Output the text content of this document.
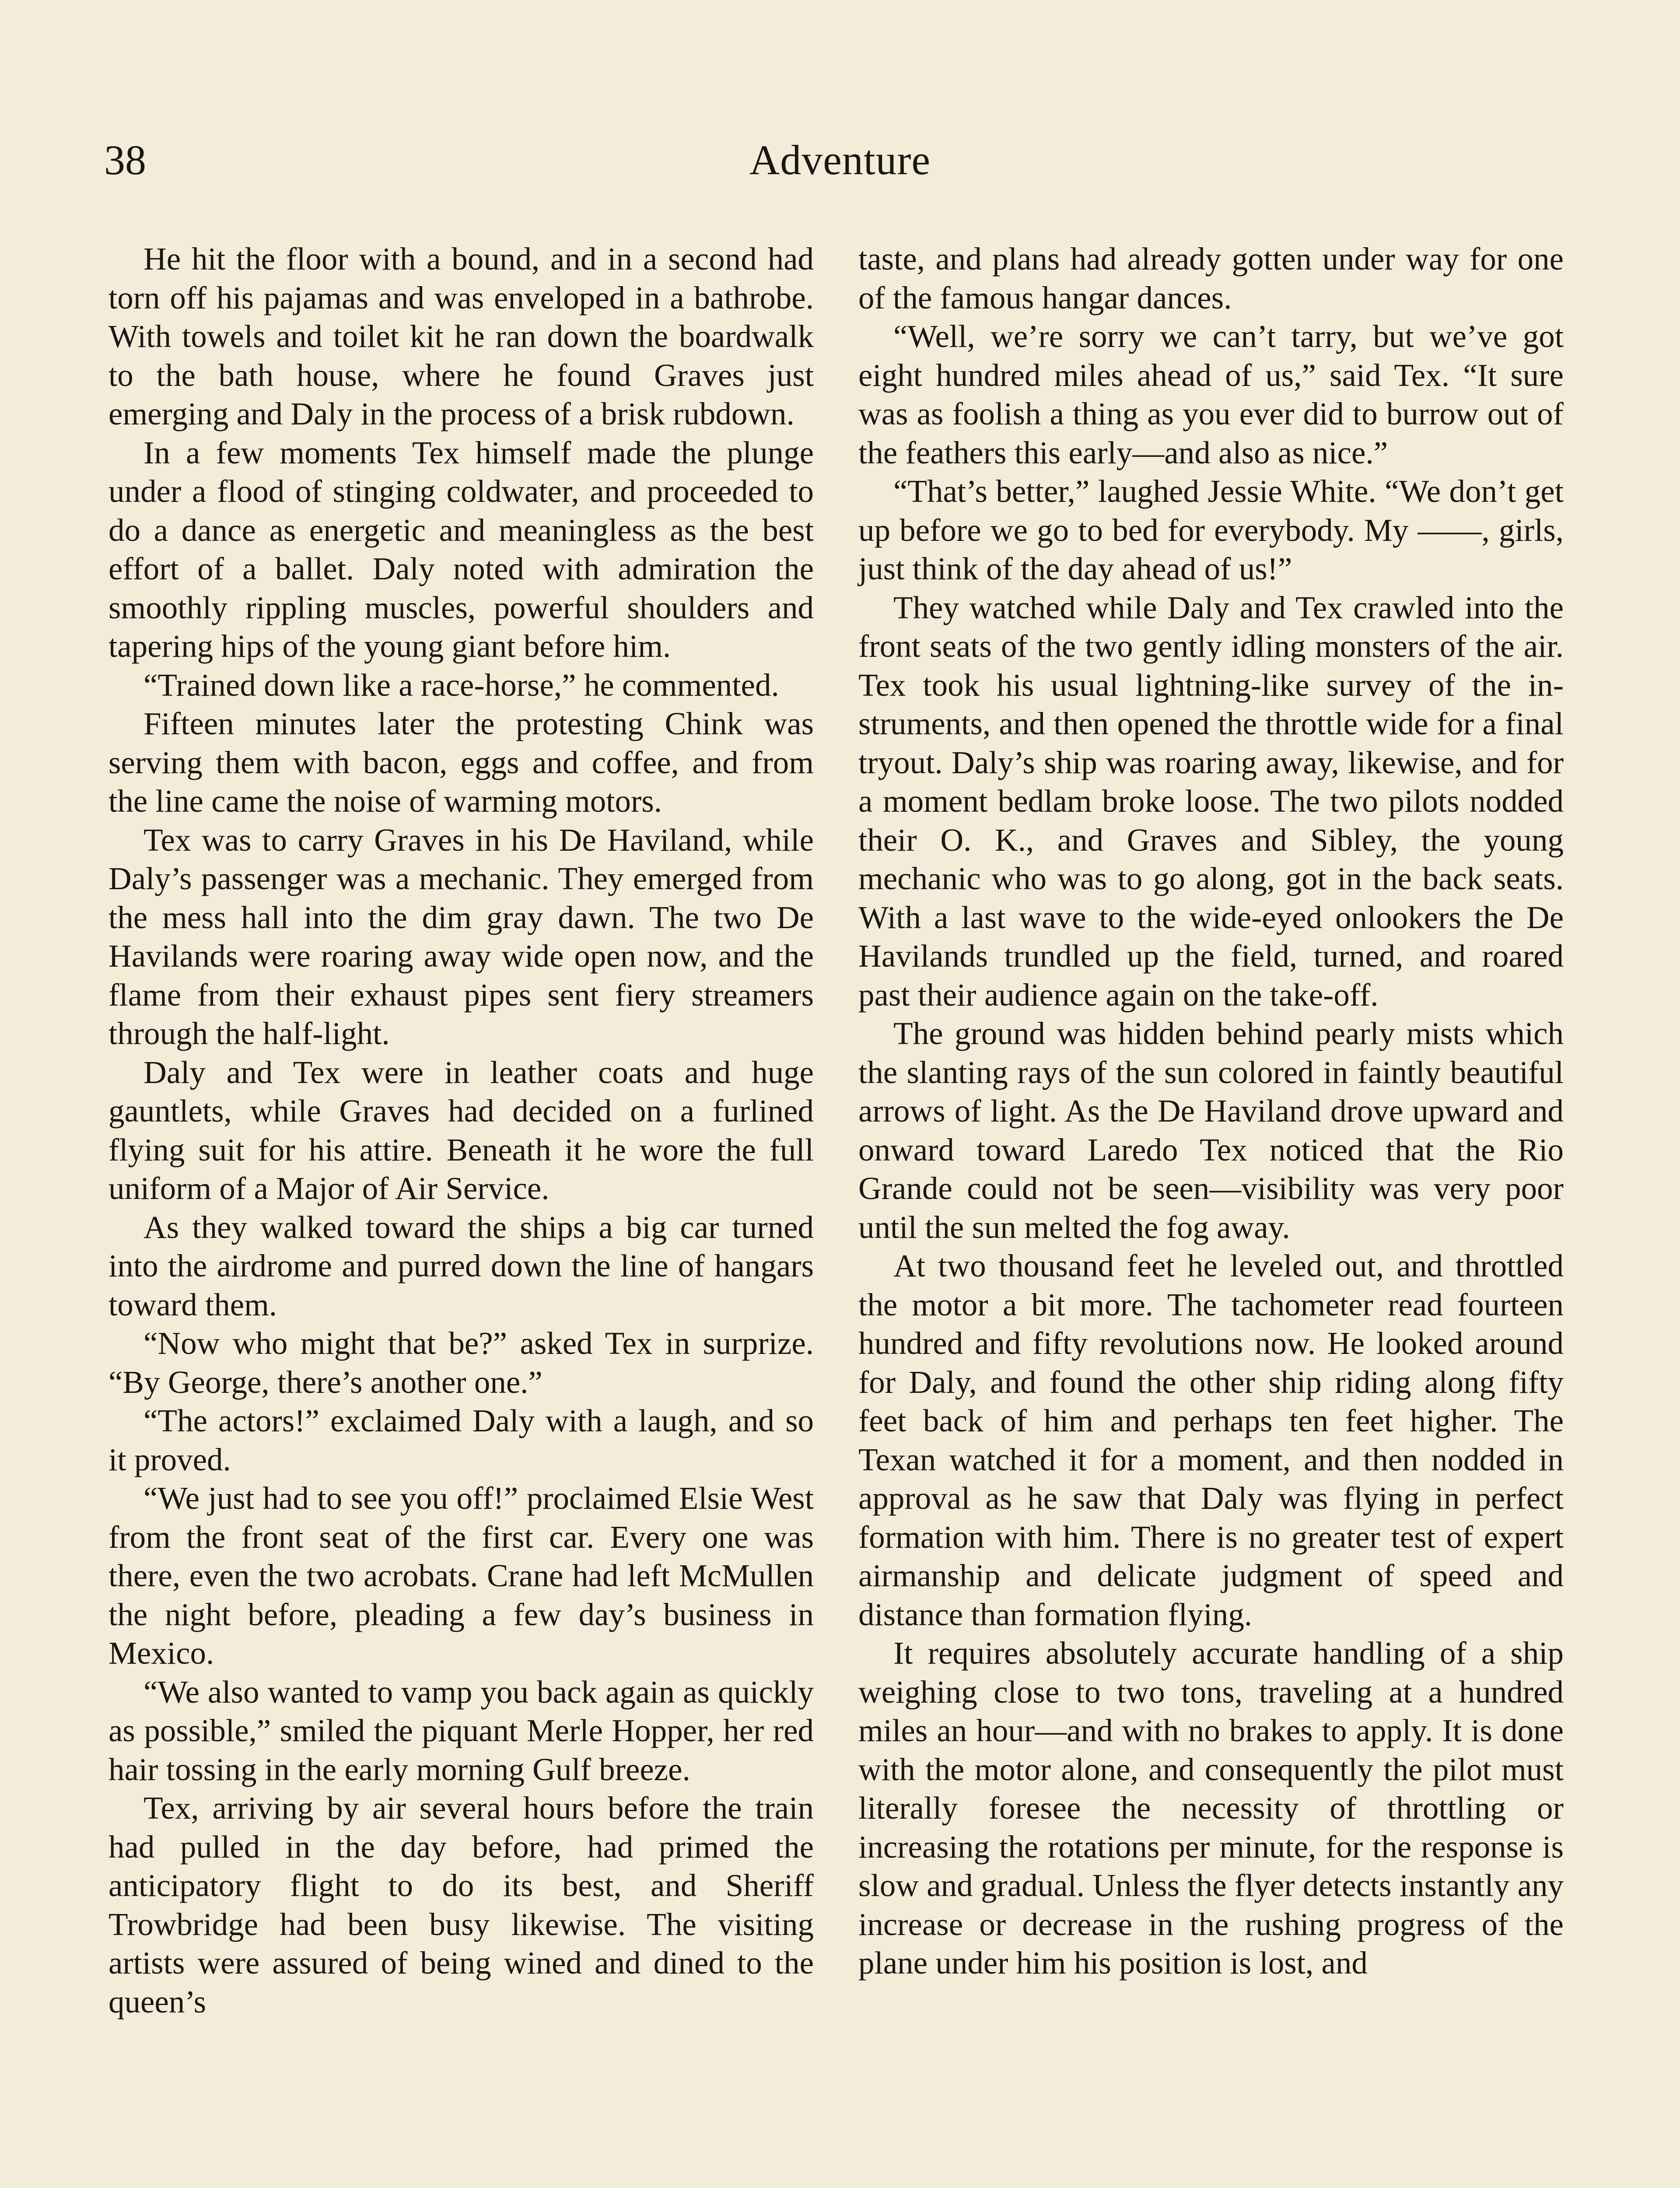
38	Adventure

He hit the floor with a bound, and in a second had torn off his pajamas and was enveloped in a bathrobe. With towels and toilet kit he ran down the boardwalk to the bath house, where he found Graves just emerging and Daly in the process of a brisk rubdown.

In a few moments Tex himself made the plunge under a flood of stinging coldwater, and proceeded to do a dance as energetic and meaningless as the best effort of a ballet. Daly noted with admiration the smoothly rippling muscles, powerful shoulders and tapering hips of the young giant before him.

“Trained down like a race-horse,” he commented.

Fifteen minutes later the protesting Chink was serving them with bacon, eggs and coffee, and from the line came the noise of warming motors.

Tex was to carry Graves in his De Haviland, while Daly’s passenger was a mechanic. They emerged from the mess hall into the dim gray dawn. The two De Havilands were roaring away wide open now, and the flame from their exhaust pipes sent fiery streamers through the half-light.

Daly and Tex were in leather coats and huge gauntlets, while Graves had decided on a furlined flying suit for his attire. Beneath it he wore the full uniform of a Major of Air Service.

As they walked toward the ships a big car turned into the airdrome and purred down the line of hangars toward them.

“Now who might that be?” asked Tex in surprize. “By George, there’s another one.”

“The actors!” exclaimed Daly with a laugh, and so it proved.

“We just had to see you off!” proclaimed Elsie West from the front seat of the first car. Every one was there, even the two acrobats. Crane had left McMullen the night before, pleading a few day’s business in Mexico.

“We also wanted to vamp you back again as quickly as possible,” smiled the piquant Merle Hopper, her red hair tossing in the early morning Gulf breeze.

Tex, arriving by air several hours before the train had pulled in the day before, had primed the anticipatory flight to do its best, and Sheriff Trowbridge had been busy likewise. The visiting artists were assured of being wined and dined to the queen’s

taste, and plans had already gotten under way for one of the famous hangar dances.

“Well, we’re sorry we can’t tarry, but we’ve got eight hundred miles ahead of us,” said Tex. “It sure was as foolish a thing as you ever did to burrow out of the feathers this early—and also as nice.”

“That’s better,” laughed Jessie White. “We don’t get up before we go to bed for everybody. My ——, girls, just think of the day ahead of us!”

They watched while Daly and Tex crawled into the front seats of the two gently idling monsters of the air. Tex took his usual lightning-like survey of the instruments, and then opened the throttle wide for a final tryout. Daly’s ship was roaring away, likewise, and for a moment bedlam broke loose. The two pilots nodded their O. K., and Graves and Sibley, the young mechanic who was to go along, got in the back seats. With a last wave to the wide-eyed onlookers the De Havilands trundled up the field, turned, and roared past their audience again on the take-off.

The ground was hidden behind pearly mists which the slanting rays of the sun colored in faintly beautiful arrows of light. As the De Haviland drove upward and onward toward Laredo Tex noticed that the Rio Grande could not be seen—visibility was very poor until the sun melted the fog away.

At two thousand feet he leveled out, and throttled the motor a bit more. The tachometer read fourteen hundred and fifty revolutions now. He looked around for Daly, and found the other ship riding along fifty feet back of him and perhaps ten feet higher. The Texan watched it for a moment, and then nodded in approval as he saw that Daly was flying in perfect formation with him. There is no greater test of expert airmanship and delicate judgment of speed and distance than formation flying.

It requires absolutely accurate handling of a ship weighing close to two tons, traveling at a hundred miles an hour—and with no brakes to apply. It is done with the motor alone, and consequently the pilot must literally foresee the necessity of throttling or increasing the rotations per minute, for the response is slow and gradual. Unless the flyer detects instantly any increase or decrease in the rushing progress of the plane under him his position is lost, and
